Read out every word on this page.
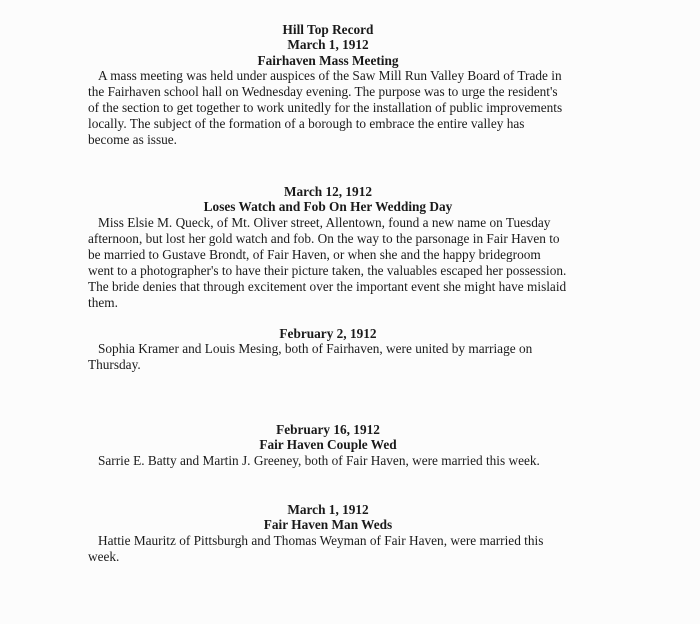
Hill Top Record
March 1, 1912
Fairhaven Mass Meeting
A mass meeting was held under auspices of the Saw Mill Run Valley Board of Trade in the Fairhaven school hall on Wednesday evening. The purpose was to urge the resident's of the section to get together to work unitedly for the installation of public improvements locally. The subject of the formation of a borough to embrace the entire valley has become as issue.
March 12, 1912
Loses Watch and Fob On Her Wedding Day
Miss Elsie M. Queck, of Mt. Oliver street, Allentown, found a new name on Tuesday afternoon, but lost her gold watch and fob. On the way to the parsonage in Fair Haven to be married to Gustave Brondt, of Fair Haven, or when she and the happy bridegroom went to a photographer's to have their picture taken, the valuables escaped her possession. The bride denies that through excitement over the important event she might have mislaid them.
February 2, 1912
Sophia Kramer and Louis Mesing, both of Fairhaven, were united by marriage on Thursday.
February 16, 1912
Fair Haven Couple Wed
Sarrie E. Batty and Martin J. Greeney, both of Fair Haven, were married this week.
March 1, 1912
Fair Haven Man Weds
Hattie Mauritz of Pittsburgh and Thomas Weyman of Fair Haven, were married this week.
